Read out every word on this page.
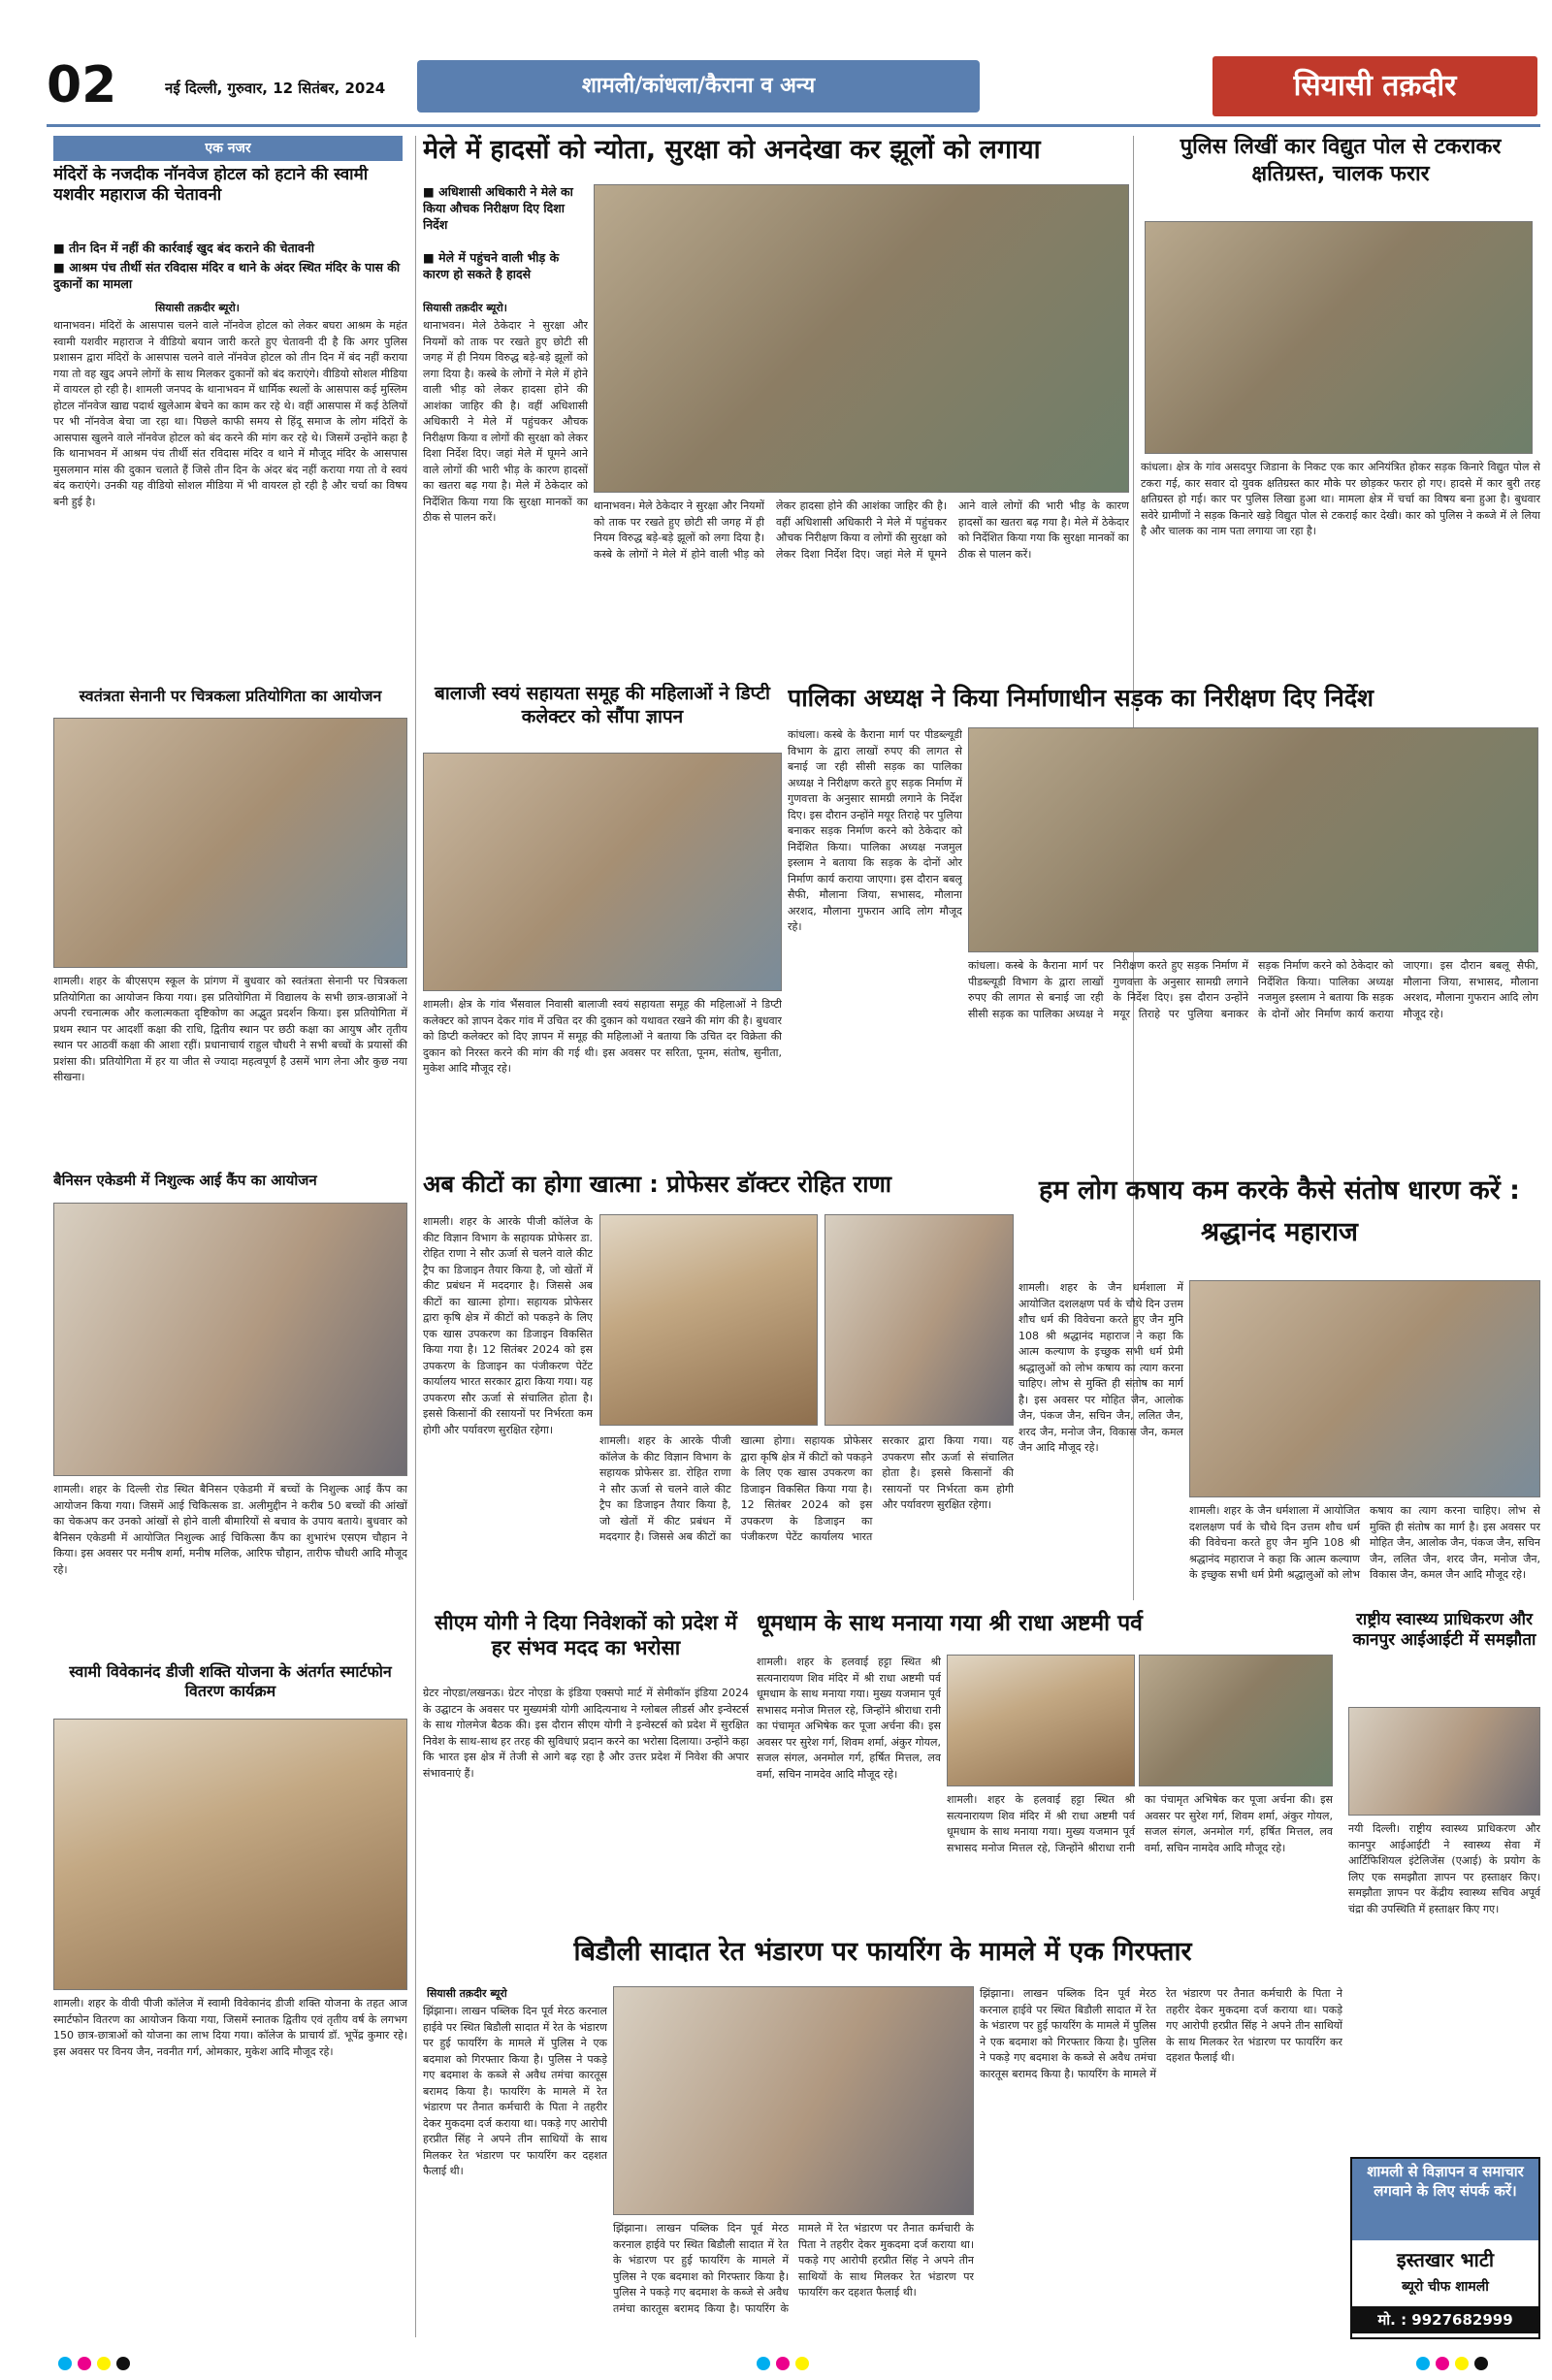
02	नई दिल्ली, गुरुवार, 12 सितंबर, 2024	शामली/कांधला/कैराना व अन्य	सियासी तक़दीर
एक नजर
मंदिरों के नजदीक नॉनवेज होटल को हटाने की स्वामी यशवीर महाराज की चेतावनी
■ तीन दिन में नहीं की कार्रवाई खुद बंद कराने की चेतावनी
■ आश्रम पंच तीर्थी संत रविदास मंदिर व थाने के अंदर स्थित मंदिर के पास की दुकानों का मामला
सियासी तक़दीर ब्यूरो।
थानाभवन। मंदिरों के आसपास चलने वाले नॉनवेज होटल को लेकर बघरा आश्रम के महंत स्वामी यशवीर महाराज ने वीडियो बयान जारी करते हुए चेतावनी दी है कि अगर पुलिस प्रशासन द्वारा मंदिरों के आसपास चलने वाले नॉनवेज होटल को तीन दिन में बंद नहीं कराया गया तो वह खुद अपने लोगों के साथ मिलकर दुकानों को बंद कराएंगे। वीडियो सोशल मीडिया में वायरल हो रही है। शामली जनपद के थानाभवन में धार्मिक स्थलों के आसपास कई मुस्लिम होटल नॉनवेज खाद्य पदार्थ खुलेआम बेचने का काम कर रहे थे। वहीं आसपास में कई ठेलियों पर भी नॉनवेज बेचा जा रहा था। पिछले काफी समय से हिंदू समाज के लोग मंदिरों के आसपास खुलने वाले नॉनवेज होटल को बंद करने की मांग कर रहे थे। जिसमें उन्होंने कहा है कि थानाभवन में आश्रम पंच तीर्थी संत रविदास मंदिर व थाने में मौजूद मंदिर के आसपास मुसलमान मांस की दुकान चलाते हैं जिसे तीन दिन के अंदर बंद नहीं कराया गया तो वे स्वयं बंद कराएंगे। उनकी यह वीडियो सोशल मीडिया में भी वायरल हो रही है और चर्चा का विषय बनी हुई है।
स्वतंत्रता सेनानी पर चित्रकला प्रतियोगिता का आयोजन
शामली। शहर के बीएसएम स्कूल के प्रांगण में बुधवार को स्वतंत्रता सेनानी पर चित्रकला प्रतियोगिता का आयोजन किया गया। इस प्रतियोगिता में विद्यालय के सभी छात्र-छात्राओं ने अपनी रचनात्मक और कलात्मकता दृष्टिकोण का अद्भुत प्रदर्शन किया। इस प्रतियोगिता में प्रथम स्थान पर आदर्शी कक्षा की राधि, द्वितीय स्थान पर छठी कक्षा का आयुष और तृतीय स्थान पर आठवीं कक्षा की आशा रहीं। प्रधानाचार्य राहुल चौधरी ने सभी बच्चों के प्रयासों की प्रशंसा की। प्रतियोगिता में हर या जीत से ज्यादा महत्वपूर्ण है उसमें भाग लेना और कुछ नया सीखना।
बैनिसन एकेडमी में निशुल्क आई कैंप का आयोजन
शामली। शहर के दिल्ली रोड स्थित बैनिसन एकेडमी में बच्चों के निशुल्क आई कैंप का आयोजन किया गया। जिसमें आई चिकित्सक डा. अलीमुद्दीन ने करीब 50 बच्चों की आंखों का चेकअप कर उनको आंखों से होने वाली बीमारियों से बचाव के उपाय बताये। बुधवार को बैनिसन एकेडमी में आयोजित निशुल्क आई चिकित्सा कैंप का शुभारंभ एसएम चौहान ने किया। इस अवसर पर मनीष शर्मा, मनीष मलिक, आरिफ चौहान, तारीफ चौधरी आदि मौजूद रहे।
स्वामी विवेकानंद डीजी शक्ति योजना के अंतर्गत स्मार्टफोन वितरण कार्यक्रम
शामली। शहर के वीवी पीजी कॉलेज में स्वामी विवेकानंद डीजी शक्ति योजना के तहत आज स्मार्टफोन वितरण का आयोजन किया गया, जिसमें स्नातक द्वितीय एवं तृतीय वर्ष के लगभग 150 छात्र-छात्राओं को योजना का लाभ दिया गया। कॉलेज के प्राचार्य डॉ. भूपेंद्र कुमार रहे। इस अवसर पर विनय जैन, नवनीत गर्ग, ओमकार, मुकेश आदि मौजूद रहे।
मेले में हादसों को न्योता, सुरक्षा को अनदेखा कर झूलों को लगाया
■ अधिशासी अधिकारी ने मेले का किया औचक निरीक्षण दिए दिशा निर्देश
■ मेले में पहुंचने वाली भीड़ के कारण हो सकते है हादसे
सियासी तक़दीर ब्यूरो।
थानाभवन। मेले ठेकेदार ने सुरक्षा और नियमों को ताक पर रखते हुए छोटी सी जगह में ही नियम विरुद्ध बड़े-बड़े झूलों को लगा दिया है। कस्बे के लोगों ने मेले में होने वाली भीड़ को लेकर हादसा होने की आशंका जाहिर की है। वहीं अधिशासी अधिकारी ने मेले में पहुंचकर औचक निरीक्षण किया व लोगों की सुरक्षा को लेकर दिशा निर्देश दिए। जहां मेले में घूमने आने वाले लोगों की भारी भीड़ के कारण हादसों का खतरा बढ़ गया है। मेले में ठेकेदार को निर्देशित किया गया कि सुरक्षा मानकों का ठीक से पालन करें।
थानाभवन। मेले ठेकेदार ने सुरक्षा और नियमों को ताक पर रखते हुए छोटी सी जगह में ही नियम विरुद्ध बड़े-बड़े झूलों को लगा दिया है। कस्बे के लोगों ने मेले में होने वाली भीड़ को लेकर हादसा होने की आशंका जाहिर की है। वहीं अधिशासी अधिकारी ने मेले में पहुंचकर औचक निरीक्षण किया व लोगों की सुरक्षा को लेकर दिशा निर्देश दिए। जहां मेले में घूमने आने वाले लोगों की भारी भीड़ के कारण हादसों का खतरा बढ़ गया है। मेले में ठेकेदार को निर्देशित किया गया कि सुरक्षा मानकों का ठीक से पालन करें।
बालाजी स्वयं सहायता समूह की महिलाओं ने डिप्टी कलेक्टर को सौंपा ज्ञापन
शामली। क्षेत्र के गांव भैंसवाल निवासी बालाजी स्वयं सहायता समूह की महिलाओं ने डिप्टी कलेक्टर को ज्ञापन देकर गांव में उचित दर की दुकान को यथावत रखने की मांग की है। बुधवार को डिप्टी कलेक्टर को दिए ज्ञापन में समूह की महिलाओं ने बताया कि उचित दर विक्रेता की दुकान को निरस्त करने की मांग की गई थी। इस अवसर पर सरिता, पूनम, संतोष, सुनीता, मुकेश आदि मौजूद रहे।
अब कीटों का होगा खात्मा : प्रोफेसर डॉक्टर रोहित राणा
शामली। शहर के आरके पीजी कॉलेज के कीट विज्ञान विभाग के सहायक प्रोफेसर डा. रोहित राणा ने सौर ऊर्जा से चलने वाले कीट ट्रैप का डिजाइन तैयार किया है, जो खेतों में कीट प्रबंधन में मददगार है। जिससे अब कीटों का खात्मा होगा। सहायक प्रोफेसर द्वारा कृषि क्षेत्र में कीटों को पकड़ने के लिए एक खास उपकरण का डिजाइन विकसित किया गया है। 12 सितंबर 2024 को इस उपकरण के डिजाइन का पंजीकरण पेटेंट कार्यालय भारत सरकार द्वारा किया गया। यह उपकरण सौर ऊर्जा से संचालित होता है। इससे किसानों की रसायनों पर निर्भरता कम होगी और पर्यावरण सुरक्षित रहेगा।
शामली। शहर के आरके पीजी कॉलेज के कीट विज्ञान विभाग के सहायक प्रोफेसर डा. रोहित राणा ने सौर ऊर्जा से चलने वाले कीट ट्रैप का डिजाइन तैयार किया है, जो खेतों में कीट प्रबंधन में मददगार है। जिससे अब कीटों का खात्मा होगा। सहायक प्रोफेसर द्वारा कृषि क्षेत्र में कीटों को पकड़ने के लिए एक खास उपकरण का डिजाइन विकसित किया गया है। 12 सितंबर 2024 को इस उपकरण के डिजाइन का पंजीकरण पेटेंट कार्यालय भारत सरकार द्वारा किया गया। यह उपकरण सौर ऊर्जा से संचालित होता है। इससे किसानों की रसायनों पर निर्भरता कम होगी और पर्यावरण सुरक्षित रहेगा।
पालिका अध्यक्ष ने किया निर्माणाधीन सड़क का निरीक्षण दिए निर्देश
कांधला। कस्बे के कैराना मार्ग पर पीडब्ल्यूडी विभाग के द्वारा लाखों रुपए की लागत से बनाई जा रही सीसी सड़क का पालिका अध्यक्ष ने निरीक्षण करते हुए सड़क निर्माण में गुणवत्ता के अनुसार सामग्री लगाने के निर्देश दिए। इस दौरान उन्होंने मयूर तिराहे पर पुलिया बनाकर सड़क निर्माण करने को ठेकेदार को निर्देशित किया। पालिका अध्यक्ष नजमुल इस्लाम ने बताया कि सड़क के दोनों ओर निर्माण कार्य कराया जाएगा। इस दौरान बबलू सैफी, मौलाना जिया, सभासद, मौलाना अरशद, मौलाना गुफरान आदि लोग मौजूद रहे।
कांधला। कस्बे के कैराना मार्ग पर पीडब्ल्यूडी विभाग के द्वारा लाखों रुपए की लागत से बनाई जा रही सीसी सड़क का पालिका अध्यक्ष ने निरीक्षण करते हुए सड़क निर्माण में गुणवत्ता के अनुसार सामग्री लगाने के निर्देश दिए। इस दौरान उन्होंने मयूर तिराहे पर पुलिया बनाकर सड़क निर्माण करने को ठेकेदार को निर्देशित किया। पालिका अध्यक्ष नजमुल इस्लाम ने बताया कि सड़क के दोनों ओर निर्माण कार्य कराया जाएगा। इस दौरान बबलू सैफी, मौलाना जिया, सभासद, मौलाना अरशद, मौलाना गुफरान आदि लोग मौजूद रहे।
पुलिस लिखीं कार विद्युत पोल से टकराकर क्षतिग्रस्त, चालक फरार
कांधला। क्षेत्र के गांव असदपुर जिडाना के निकट एक कार अनियंत्रित होकर सड़क किनारे विद्युत पोल से टकरा गई, कार सवार दो युवक क्षतिग्रस्त कार मौके पर छोड़कर फरार हो गए। हादसे में कार बुरी तरह क्षतिग्रस्त हो गई। कार पर पुलिस लिखा हुआ था। मामला क्षेत्र में चर्चा का विषय बना हुआ है। बुधवार सवेरे ग्रामीणों ने सड़क किनारे खड़े विद्युत पोल से टकराई कार देखी। कार को पुलिस ने कब्जे में ले लिया है और चालक का नाम पता लगाया जा रहा है।
हम लोग कषाय कम करके कैसे संतोष धारण करें : श्रद्धानंद महाराज
शामली। शहर के जैन धर्मशाला में आयोजित दशलक्षण पर्व के चौथे दिन उत्तम शौच धर्म की विवेचना करते हुए जैन मुनि 108 श्री श्रद्धानंद महाराज ने कहा कि आत्म कल्याण के इच्छुक सभी धर्म प्रेमी श्रद्धालुओं को लोभ कषाय का त्याग करना चाहिए। लोभ से मुक्ति ही संतोष का मार्ग है। इस अवसर पर मोहित जैन, आलोक जैन, पंकज जैन, सचिन जैन, ललित जैन, शरद जैन, मनोज जैन, विकास जैन, कमल जैन आदि मौजूद रहे।
शामली। शहर के जैन धर्मशाला में आयोजित दशलक्षण पर्व के चौथे दिन उत्तम शौच धर्म की विवेचना करते हुए जैन मुनि 108 श्री श्रद्धानंद महाराज ने कहा कि आत्म कल्याण के इच्छुक सभी धर्म प्रेमी श्रद्धालुओं को लोभ कषाय का त्याग करना चाहिए। लोभ से मुक्ति ही संतोष का मार्ग है। इस अवसर पर मोहित जैन, आलोक जैन, पंकज जैन, सचिन जैन, ललित जैन, शरद जैन, मनोज जैन, विकास जैन, कमल जैन आदि मौजूद रहे।
सीएम योगी ने दिया निवेशकों को प्रदेश में हर संभव मदद का भरोसा
ग्रेटर नोएडा/लखनऊ। ग्रेटर नोएडा के इंडिया एक्सपो मार्ट में सेमीकॉन इंडिया 2024 के उद्घाटन के अवसर पर मुख्यमंत्री योगी आदित्यनाथ ने ग्लोबल लीडर्स और इन्वेस्टर्स के साथ गोलमेज बैठक की। इस दौरान सीएम योगी ने इन्वेस्टर्स को प्रदेश में सुरक्षित निवेश के साथ-साथ हर तरह की सुविधाएं प्रदान करने का भरोसा दिलाया। उन्होंने कहा कि भारत इस क्षेत्र में तेजी से आगे बढ़ रहा है और उत्तर प्रदेश में निवेश की अपार संभावनाएं हैं।
धूमधाम के साथ मनाया गया श्री राधा अष्टमी पर्व
शामली। शहर के हलवाई हट्टा स्थित श्री सत्यनारायण शिव मंदिर में श्री राधा अष्टमी पर्व धूमधाम के साथ मनाया गया। मुख्य यजमान पूर्व सभासद मनोज मित्तल रहे, जिन्होंने श्रीराधा रानी का पंचामृत अभिषेक कर पूजा अर्चना की। इस अवसर पर सुरेश गर्ग, शिवम शर्मा, अंकुर गोयल, सजल संगल, अनमोल गर्ग, हर्षित मित्तल, लव वर्मा, सचिन नामदेव आदि मौजूद रहे।
शामली। शहर के हलवाई हट्टा स्थित श्री सत्यनारायण शिव मंदिर में श्री राधा अष्टमी पर्व धूमधाम के साथ मनाया गया। मुख्य यजमान पूर्व सभासद मनोज मित्तल रहे, जिन्होंने श्रीराधा रानी का पंचामृत अभिषेक कर पूजा अर्चना की। इस अवसर पर सुरेश गर्ग, शिवम शर्मा, अंकुर गोयल, सजल संगल, अनमोल गर्ग, हर्षित मित्तल, लव वर्मा, सचिन नामदेव आदि मौजूद रहे।
राष्ट्रीय स्वास्थ्य प्राधिकरण और कानपुर आईआईटी में समझौता
नयी दिल्ली। राष्ट्रीय स्वास्थ्य प्राधिकरण और कानपुर आईआईटी ने स्वास्थ्य सेवा में आर्टिफिशियल इंटेलिजेंस (एआई) के प्रयोग के लिए एक समझौता ज्ञापन पर हस्ताक्षर किए। समझौता ज्ञापन पर केंद्रीय स्वास्थ्य सचिव अपूर्व चंद्रा की उपस्थिति में हस्ताक्षर किए गए।
बिडौली सादात रेत भंडारण पर फायरिंग के मामले में एक गिरफ्तार
सियासी तक़दीर ब्यूरो
झिंझाना। लाखन पब्लिक दिन पूर्व मेरठ करनाल हाईवे पर स्थित बिडौली सादात में रेत के भंडारण पर हुई फायरिंग के मामले में पुलिस ने एक बदमाश को गिरफ्तार किया है। पुलिस ने पकड़े गए बदमाश के कब्जे से अवैध तमंचा कारतूस बरामद किया है। फायरिंग के मामले में रेत भंडारण पर तैनात कर्मचारी के पिता ने तहरीर देकर मुकदमा दर्ज कराया था। पकड़े गए आरोपी हरप्रीत सिंह ने अपने तीन साथियों के साथ मिलकर रेत भंडारण पर फायरिंग कर दहशत फैलाई थी।
झिंझाना। लाखन पब्लिक दिन पूर्व मेरठ करनाल हाईवे पर स्थित बिडौली सादात में रेत के भंडारण पर हुई फायरिंग के मामले में पुलिस ने एक बदमाश को गिरफ्तार किया है। पुलिस ने पकड़े गए बदमाश के कब्जे से अवैध तमंचा कारतूस बरामद किया है। फायरिंग के मामले में रेत भंडारण पर तैनात कर्मचारी के पिता ने तहरीर देकर मुकदमा दर्ज कराया था। पकड़े गए आरोपी हरप्रीत सिंह ने अपने तीन साथियों के साथ मिलकर रेत भंडारण पर फायरिंग कर दहशत फैलाई थी।
झिंझाना। लाखन पब्लिक दिन पूर्व मेरठ करनाल हाईवे पर स्थित बिडौली सादात में रेत के भंडारण पर हुई फायरिंग के मामले में पुलिस ने एक बदमाश को गिरफ्तार किया है। पुलिस ने पकड़े गए बदमाश के कब्जे से अवैध तमंचा कारतूस बरामद किया है। फायरिंग के मामले में रेत भंडारण पर तैनात कर्मचारी के पिता ने तहरीर देकर मुकदमा दर्ज कराया था। पकड़े गए आरोपी हरप्रीत सिंह ने अपने तीन साथियों के साथ मिलकर रेत भंडारण पर फायरिंग कर दहशत फैलाई थी।
शामली से विज्ञापन व समाचार लगवाने के लिए संपर्क करें।
इस्तखार भाटी
ब्यूरो चीफ शामली
मो. : 9927682999
